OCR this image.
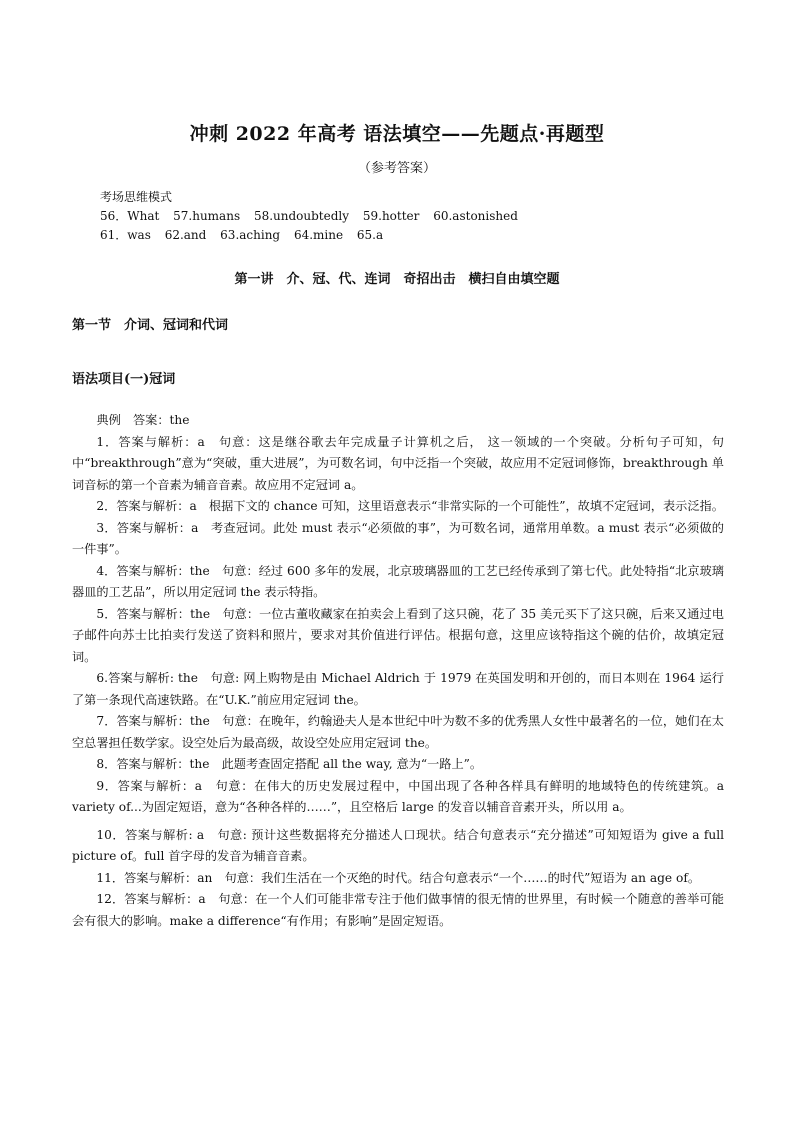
冲刺 2022 年高考 语法填空——先题点·再题型
（参考答案）
考场思维模式
56．What 57.humans 58.undoubtedly 59.hotter 60.astonished
61．was 62.and 63.aching 64.mine 65.a
第一讲　介、冠、代、连词　奇招出击　横扫自由填空题
第一节　介词、冠词和代词
语法项目(一)冠词

典例　答案：the

1．答案与解析：a　句意：这是继谷歌去年完成量子计算机之后， 这一领域的一个突破。分析句子可知，句中“breakthrough”意为“突破，重大进展”，为可数名词，句中泛指一个突破，故应用不定冠词修饰，breakthrough 单词音标的第一个音素为辅音音素。故应用不定冠词 a。

2．答案与解析：a　根据下文的 chance 可知，这里语意表示“非常实际的一个可能性”，故填不定冠词，表示泛指。

3．答案与解析：a　考查冠词。此处 must 表示“必须做的事”，为可数名词，通常用单数。a must 表示“必须做的一件事”。

4．答案与解析：the　句意：经过 600 多年的发展，北京玻璃器皿的工艺已经传承到了第七代。此处特指“北京玻璃器皿的工艺品”，所以用定冠词 the 表示特指。

5．答案与解析：the　句意：一位古董收藏家在拍卖会上看到了这只碗，花了 35 美元买下了这只碗，后来又通过电子邮件向苏士比拍卖行发送了资料和照片，要求对其价值进行评估。根据句意，这里应该特指这个碗的估价，故填定冠词。

6.答案与解析: the　句意: 网上购物是由 Michael Aldrich 于 1979 在英国发明和开创的，而日本则在 1964 运行了第一条现代高速铁路。在“U.K.”前应用定冠词 the。

7．答案与解析：the　句意：在晚年，约翰逊夫人是本世纪中叶为数不多的优秀黑人女性中最著名的一位，她们在太空总署担任数学家。设空处后为最高级，故设空处应用定冠词 the。

8．答案与解析：the　此题考查固定搭配 all the way, 意为“一路上”。

9．答案与解析：a　句意：在伟大的历史发展过程中，中国出现了各种各样具有鲜明的地域特色的传统建筑。a variety of...为固定短语，意为“各种各样的……”，且空格后 large 的发音以辅音音素开头，所以用 a。

10．答案与解析: a　句意: 预计这些数据将充分描述人口现状。结合句意表示“充分描述”可知短语为 give a full picture of。full 首字母的发音为辅音音素。

11．答案与解析：an　句意：我们生活在一个灭绝的时代。结合句意表示“一个……的时代”短语为 an age of。

12．答案与解析：a　句意：在一个人们可能非常专注于他们做事情的很无情的世界里，有时候一个随意的善举可能会有很大的影响。make a difference“有作用；有影响”是固定短语。
